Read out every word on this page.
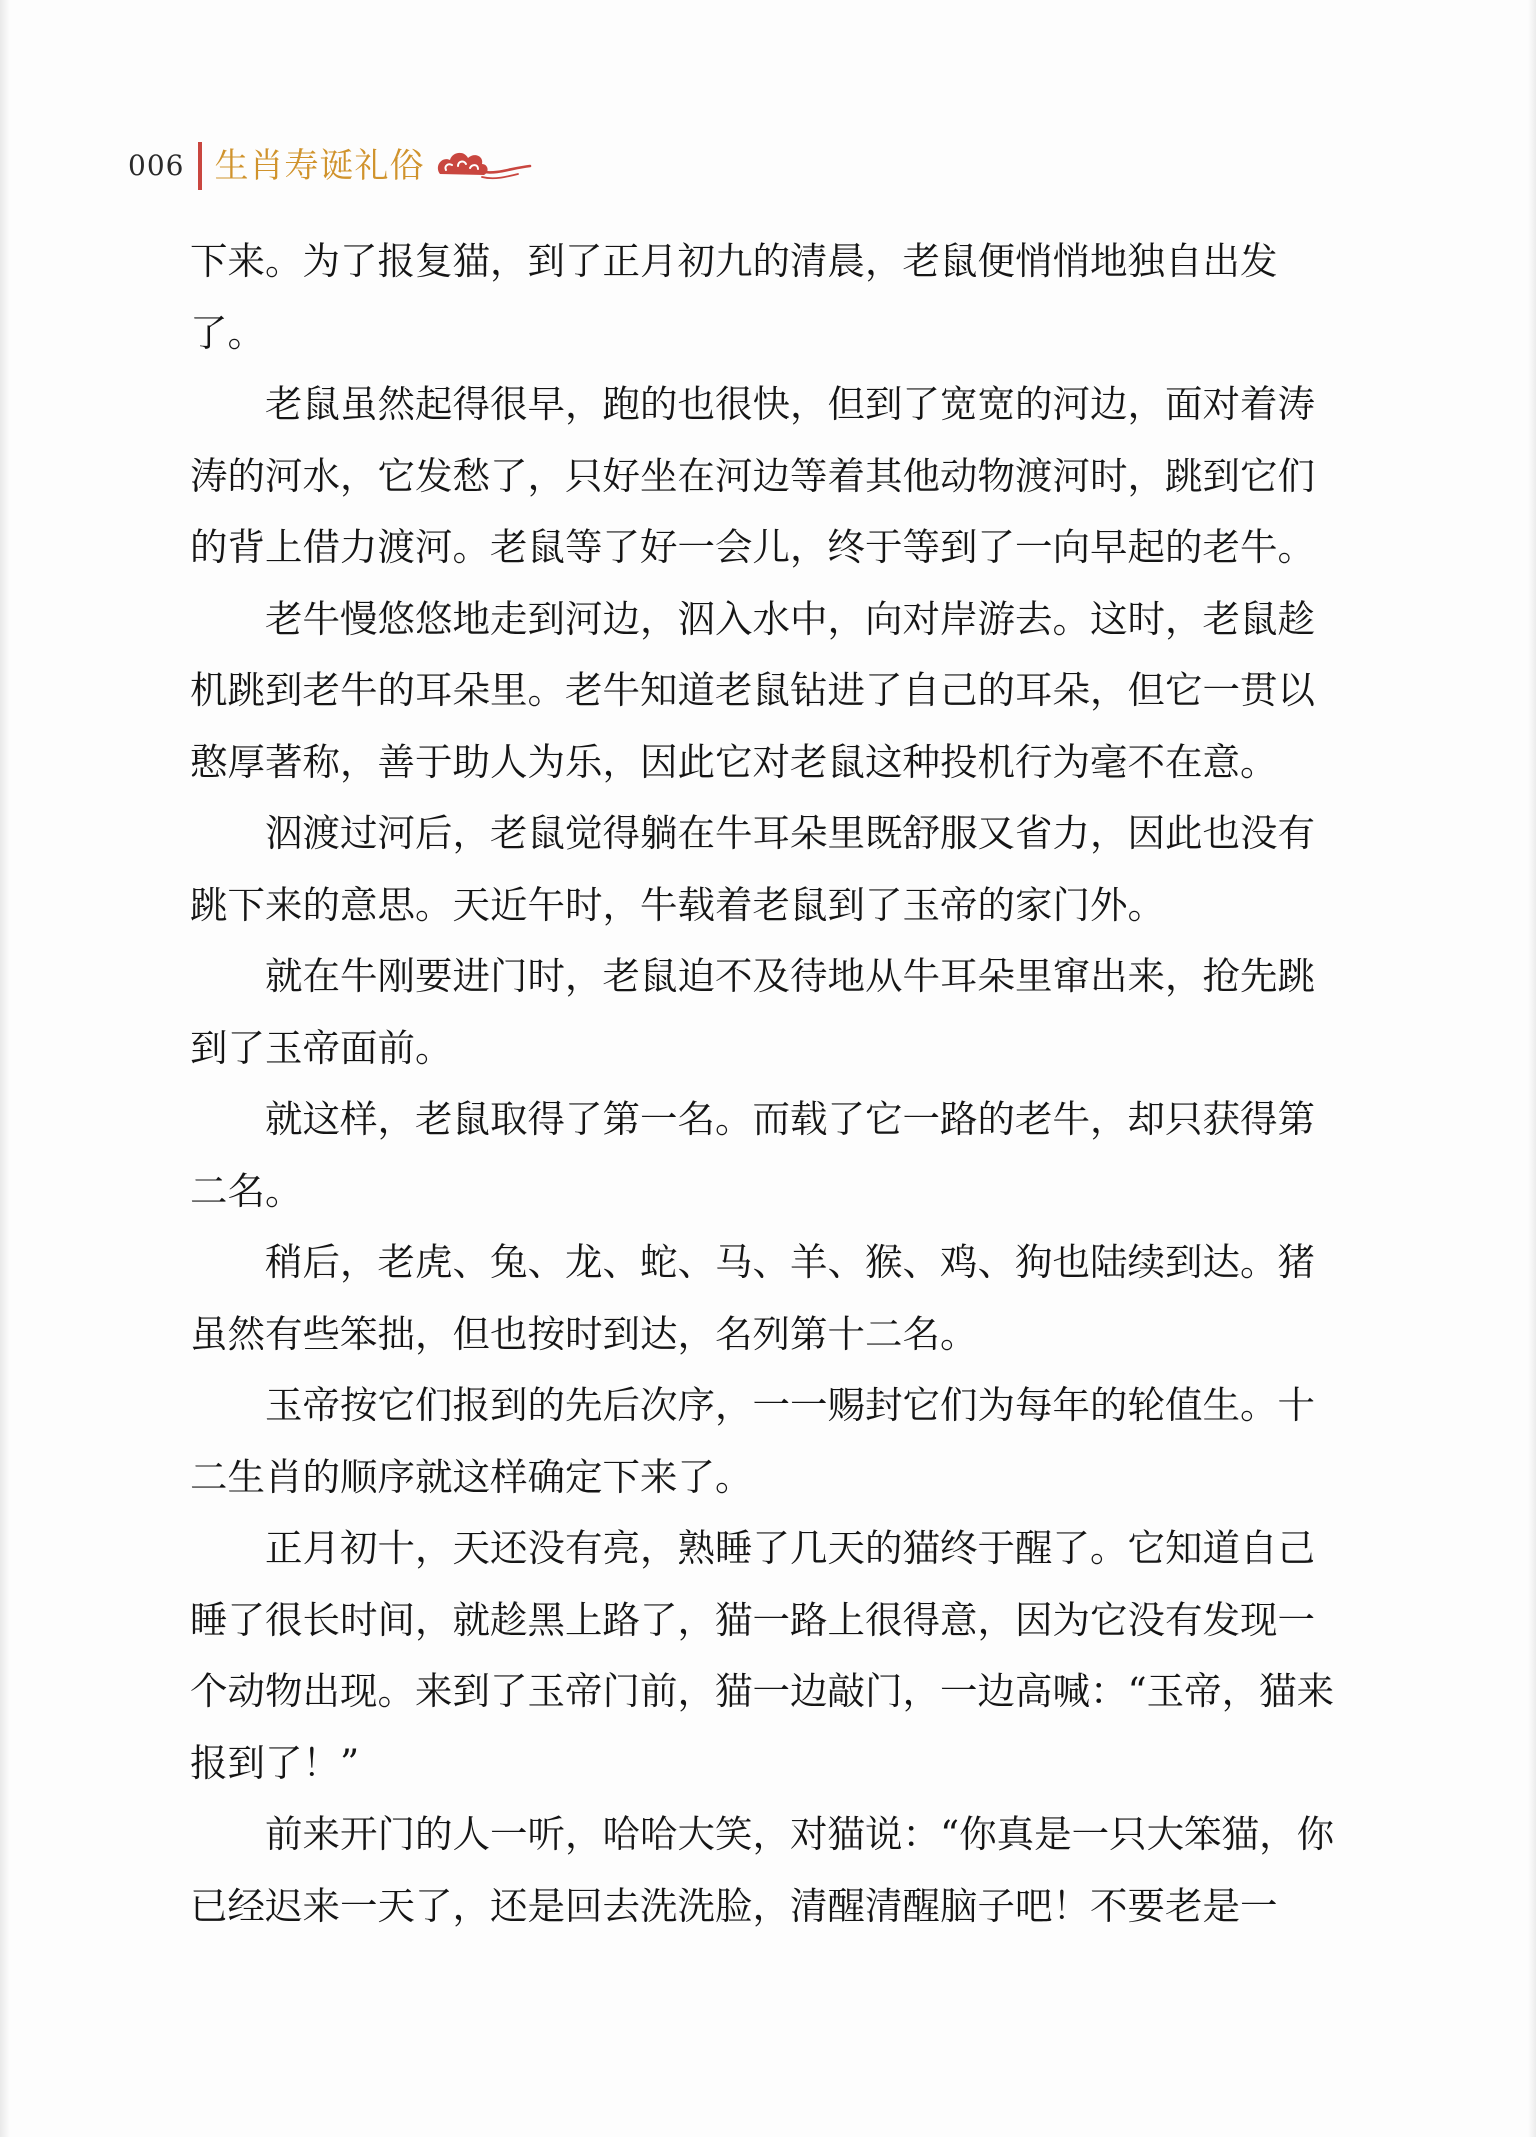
006 生肖寿诞礼俗

下来。为了报复猫，到了正月初九的清晨，老鼠便悄悄地独自出发了。

老鼠虽然起得很早，跑的也很快，但到了宽宽的河边，面对着涛涛的河水，它发愁了，只好坐在河边等着其他动物渡河时，跳到它们的背上借力渡河。老鼠等了好一会儿，终于等到了一向早起的老牛。

老牛慢悠悠地走到河边，泅入水中，向对岸游去。这时，老鼠趁机跳到老牛的耳朵里。老牛知道老鼠钻进了自己的耳朵，但它一贯以憨厚著称，善于助人为乐，因此它对老鼠这种投机行为毫不在意。

泅渡过河后，老鼠觉得躺在牛耳朵里既舒服又省力，因此也没有跳下来的意思。天近午时，牛载着老鼠到了玉帝的家门外。

就在牛刚要进门时，老鼠迫不及待地从牛耳朵里窜出来，抢先跳到了玉帝面前。

就这样，老鼠取得了第一名。而载了它一路的老牛，却只获得第二名。

稍后，老虎、兔、龙、蛇、马、羊、猴、鸡、狗也陆续到达。猪虽然有些笨拙，但也按时到达，名列第十二名。

玉帝按它们报到的先后次序，一一赐封它们为每年的轮值生。十二生肖的顺序就这样确定下来了。

正月初十，天还没有亮，熟睡了几天的猫终于醒了。它知道自己睡了很长时间，就趁黑上路了，猫一路上很得意，因为它没有发现一个动物出现。来到了玉帝门前，猫一边敲门，一边高喊：“玉帝，猫来报到了！”

前来开门的人一听，哈哈大笑，对猫说：“你真是一只大笨猫，你已经迟来一天了，还是回去洗洗脸，清醒清醒脑子吧！不要老是一
